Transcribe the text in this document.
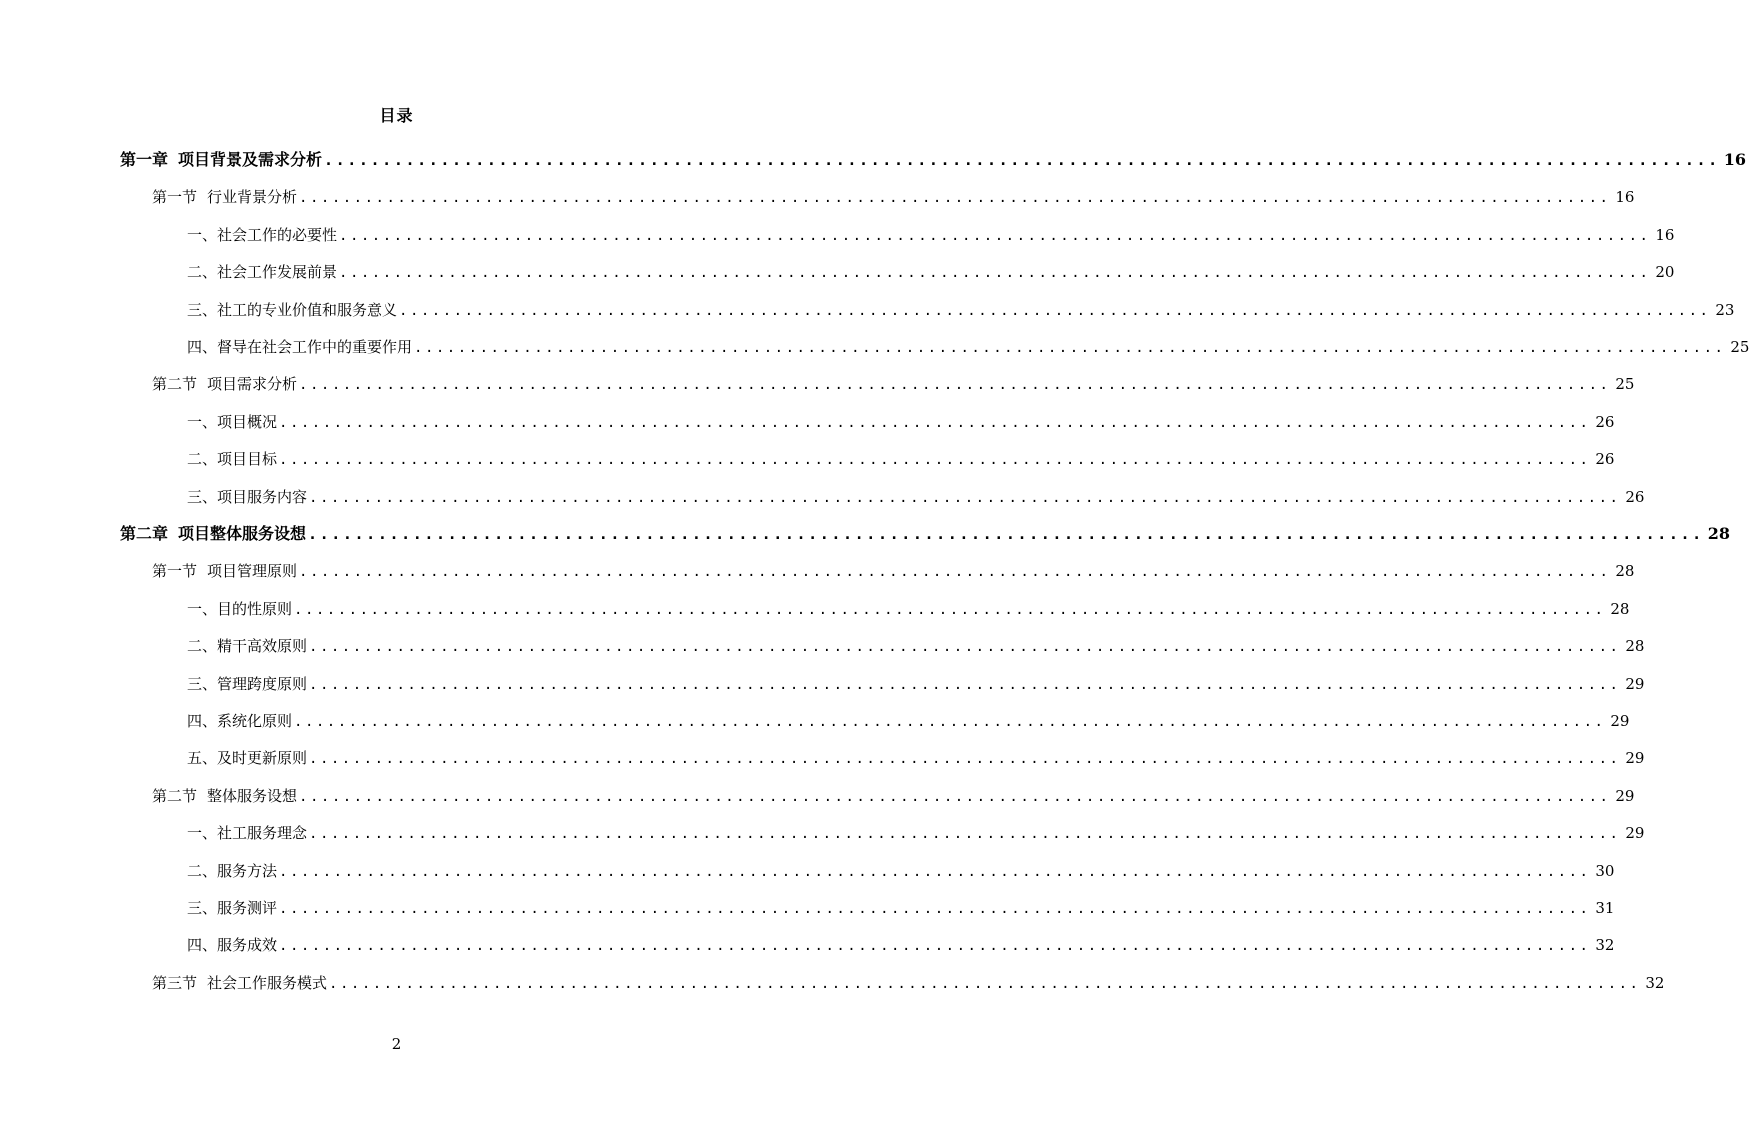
目录
第一章 项目背景及需求分析 ........................................................................................................................ 16
第一节 行业背景分析 ........................................................................................................................ 16
一、社会工作的必要性 ........................................................................................................................ 16
二、社会工作发展前景 ........................................................................................................................ 20
三、社工的专业价值和服务意义 ........................................................................................................................ 23
四、督导在社会工作中的重要作用 ........................................................................................................................ 25
第二节 项目需求分析 ........................................................................................................................ 25
一、项目概况 ........................................................................................................................ 26
二、项目目标 ........................................................................................................................ 26
三、项目服务内容 ........................................................................................................................ 26
第二章 项目整体服务设想 ........................................................................................................................ 28
第一节 项目管理原则 ........................................................................................................................ 28
一、目的性原则 ........................................................................................................................ 28
二、精干高效原则 ........................................................................................................................ 28
三、管理跨度原则 ........................................................................................................................ 29
四、系统化原则 ........................................................................................................................ 29
五、及时更新原则 ........................................................................................................................ 29
第二节 整体服务设想 ........................................................................................................................ 29
一、社工服务理念 ........................................................................................................................ 29
二、服务方法 ........................................................................................................................ 30
三、服务测评 ........................................................................................................................ 31
四、服务成效 ........................................................................................................................ 32
第三节 社会工作服务模式 ........................................................................................................................ 32
2
